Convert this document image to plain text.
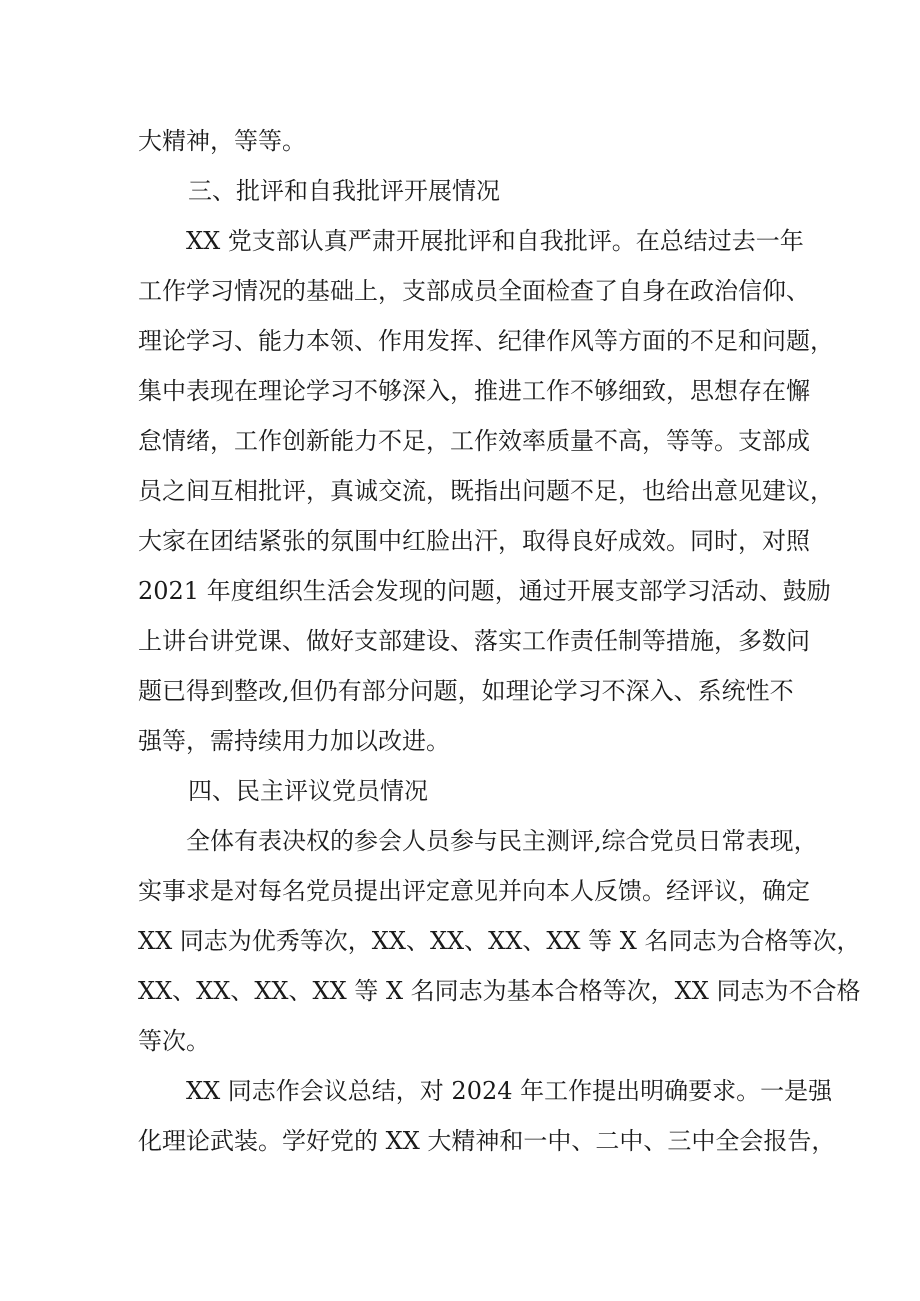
大精神，等等。
三、批评和自我批评开展情况
XX 党支部认真严肃开展批评和自我批评。在总结过去一年
工作学习情况的基础上，支部成员全面检查了自身在政治信仰、
理论学习、能力本领、作用发挥、纪律作风等方面的不足和问题，
集中表现在理论学习不够深入，推进工作不够细致，思想存在懈
怠情绪，工作创新能力不足，工作效率质量不高，等等。支部成
员之间互相批评，真诚交流，既指出问题不足，也给出意见建议，
大家在团结紧张的氛围中红脸出汗，取得良好成效。同时，对照
2021 年度组织生活会发现的问题，通过开展支部学习活动、鼓励
上讲台讲党课、做好支部建设、落实工作责任制等措施，多数问
题已得到整改,但仍有部分问题，如理论学习不深入、系统性不
强等，需持续用力加以改进。
四、民主评议党员情况
全体有表决权的参会人员参与民主测评,综合党员日常表现，
实事求是对每名党员提出评定意见并向本人反馈。经评议，确定
XX 同志为优秀等次，XX、XX、XX、XX 等 X 名同志为合格等次，
XX、XX、XX、XX 等 X 名同志为基本合格等次，XX 同志为不合格
等次。
XX 同志作会议总结，对 2024 年工作提出明确要求。一是强
化理论武装。学好党的 XX 大精神和一中、二中、三中全会报告，
